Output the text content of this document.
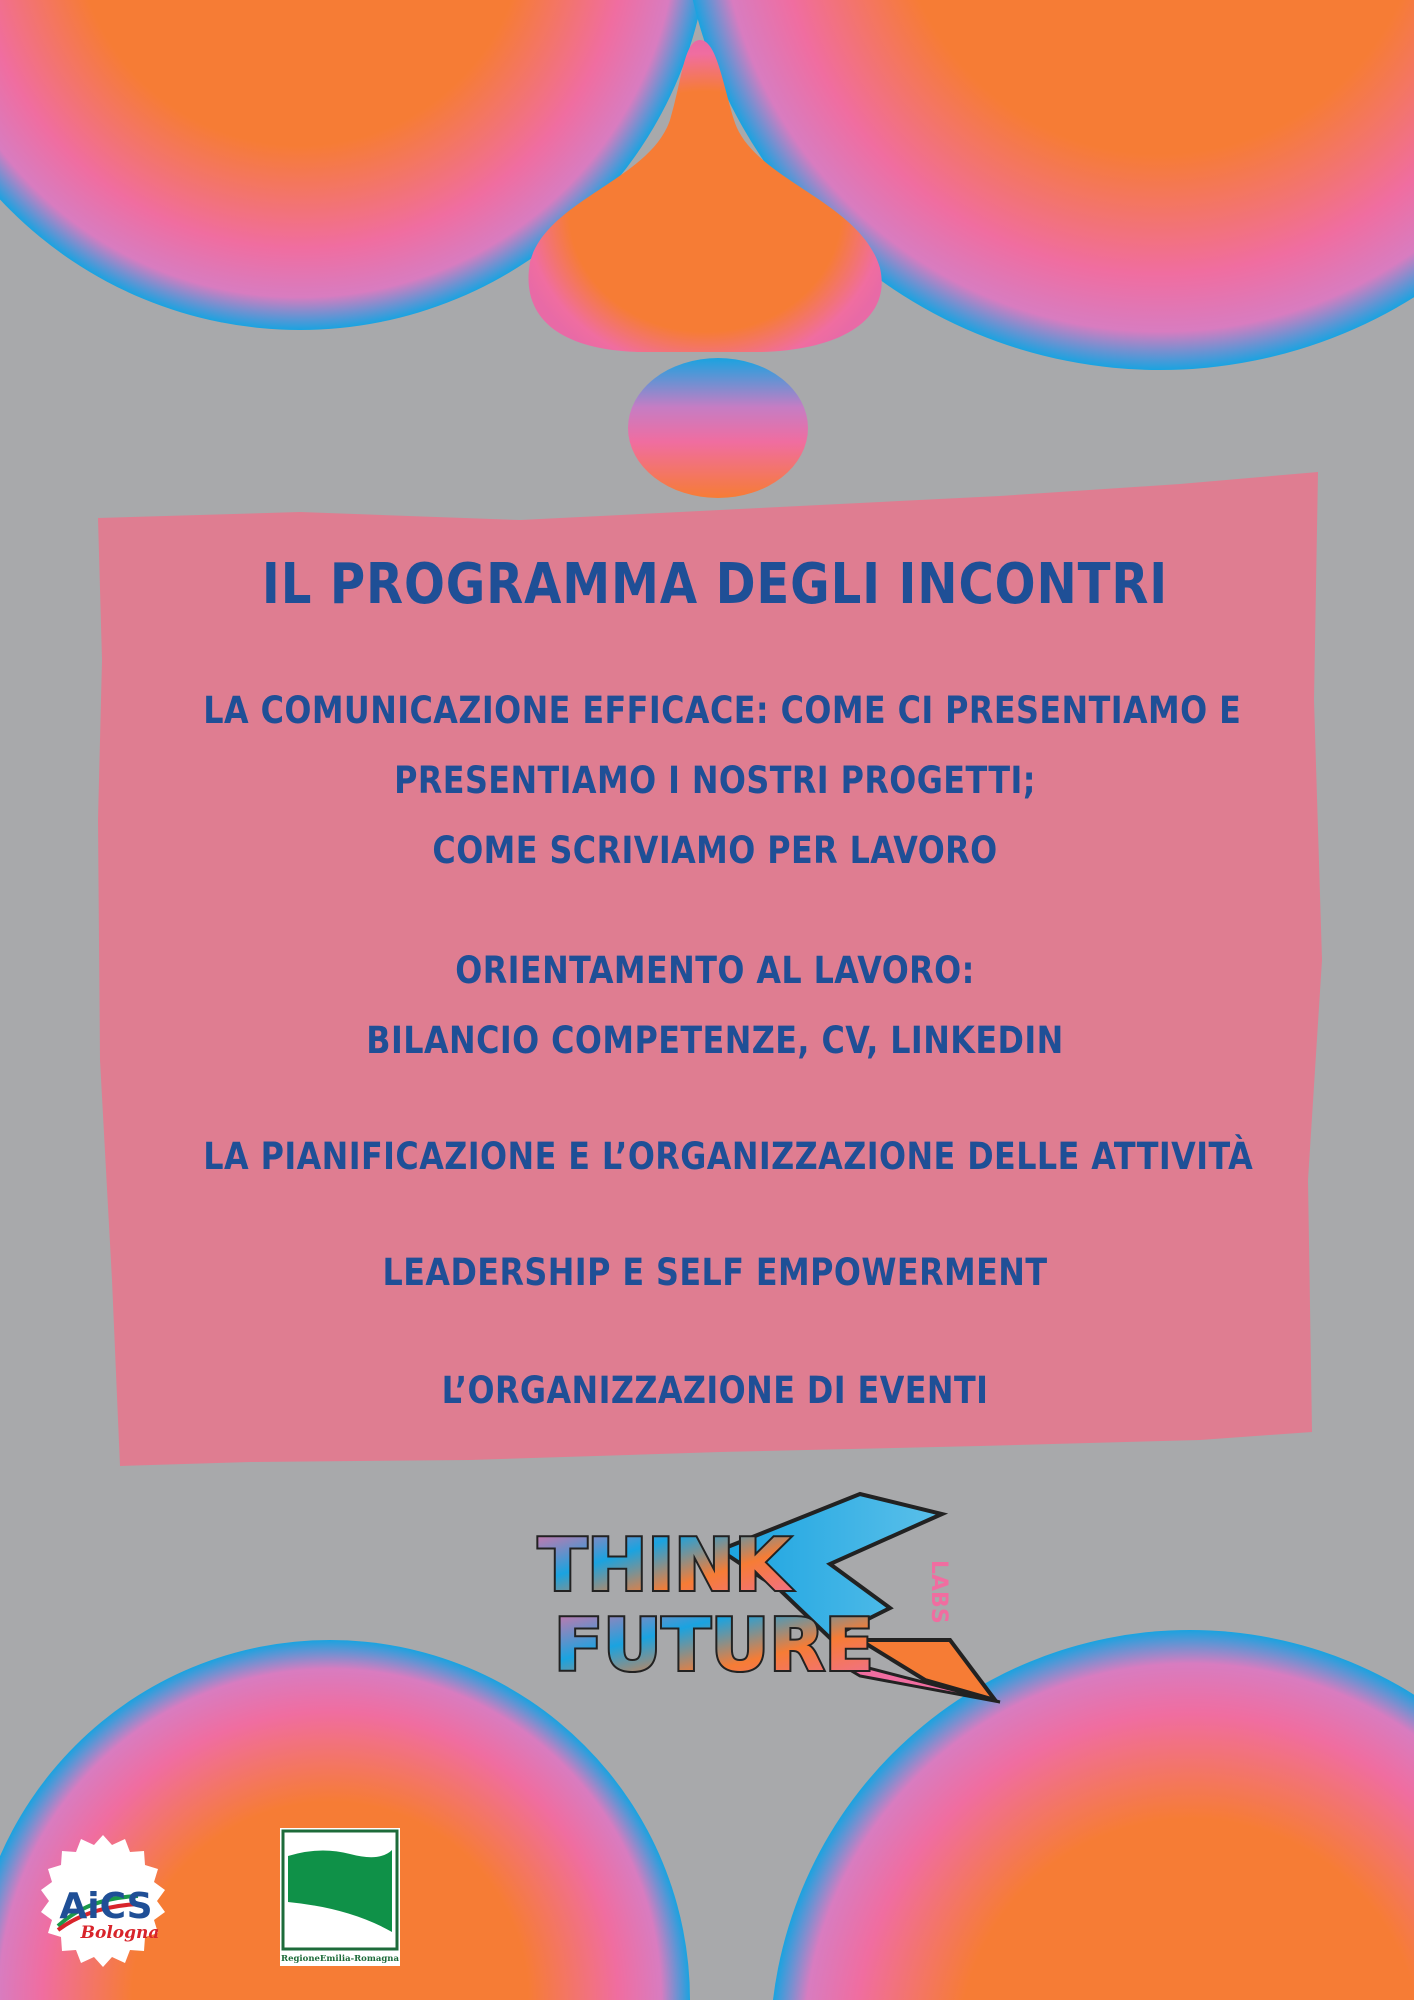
IL PROGRAMMA DEGLI INCONTRI
LA COMUNICAZIONE EFFICACE: COME CI PRESENTIAMO E
PRESENTIAMO I NOSTRI PROGETTI;
COME SCRIVIAMO PER LAVORO
ORIENTAMENTO AL LAVORO:
BILANCIO COMPETENZE, CV, LINKEDIN
LA PIANIFICAZIONE E L’ORGANIZZAZIONE DELLE ATTIVITÀ
LEADERSHIP E SELF EMPOWERMENT
L’ORGANIZZAZIONE DI EVENTI
THINK
FUTURE
LABS
AiCS
Bologna
RegioneEmilia-Romagna
